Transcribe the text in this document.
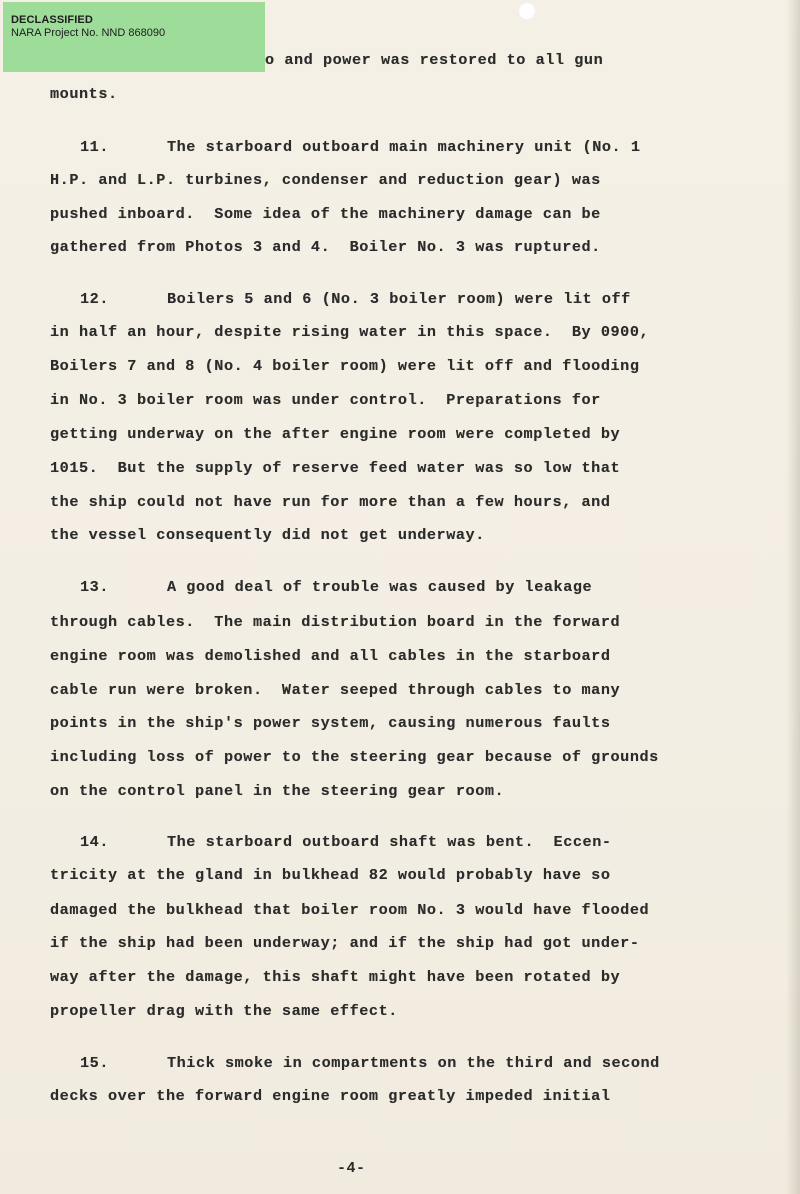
DECLASSIFIED
NARA Project No. NND 868090
o and power was restored to all gun
mounts.
11.      The starboard outboard main machinery unit (No. 1
H.P. and L.P. turbines, condenser and reduction gear) was
pushed inboard.  Some idea of the machinery damage can be
gathered from Photos 3 and 4.  Boiler No. 3 was ruptured.
12.      Boilers 5 and 6 (No. 3 boiler room) were lit off
in half an hour, despite rising water in this space.  By 0900,
Boilers 7 and 8 (No. 4 boiler room) were lit off and flooding
in No. 3 boiler room was under control.  Preparations for
getting underway on the after engine room were completed by
1015.  But the supply of reserve feed water was so low that
the ship could not have run for more than a few hours, and
the vessel consequently did not get underway.
13.      A good deal of trouble was caused by leakage
through cables.  The main distribution board in the forward
engine room was demolished and all cables in the starboard
cable run were broken.  Water seeped through cables to many
points in the ship's power system, causing numerous faults
including loss of power to the steering gear because of grounds
on the control panel in the steering gear room.
14.      The starboard outboard shaft was bent.  Eccen-
tricity at the gland in bulkhead 82 would probably have so
damaged the bulkhead that boiler room No. 3 would have flooded
if the ship had been underway; and if the ship had got under-
way after the damage, this shaft might have been rotated by
propeller drag with the same effect.
15.      Thick smoke in compartments on the third and second
decks over the forward engine room greatly impeded initial
-4-
